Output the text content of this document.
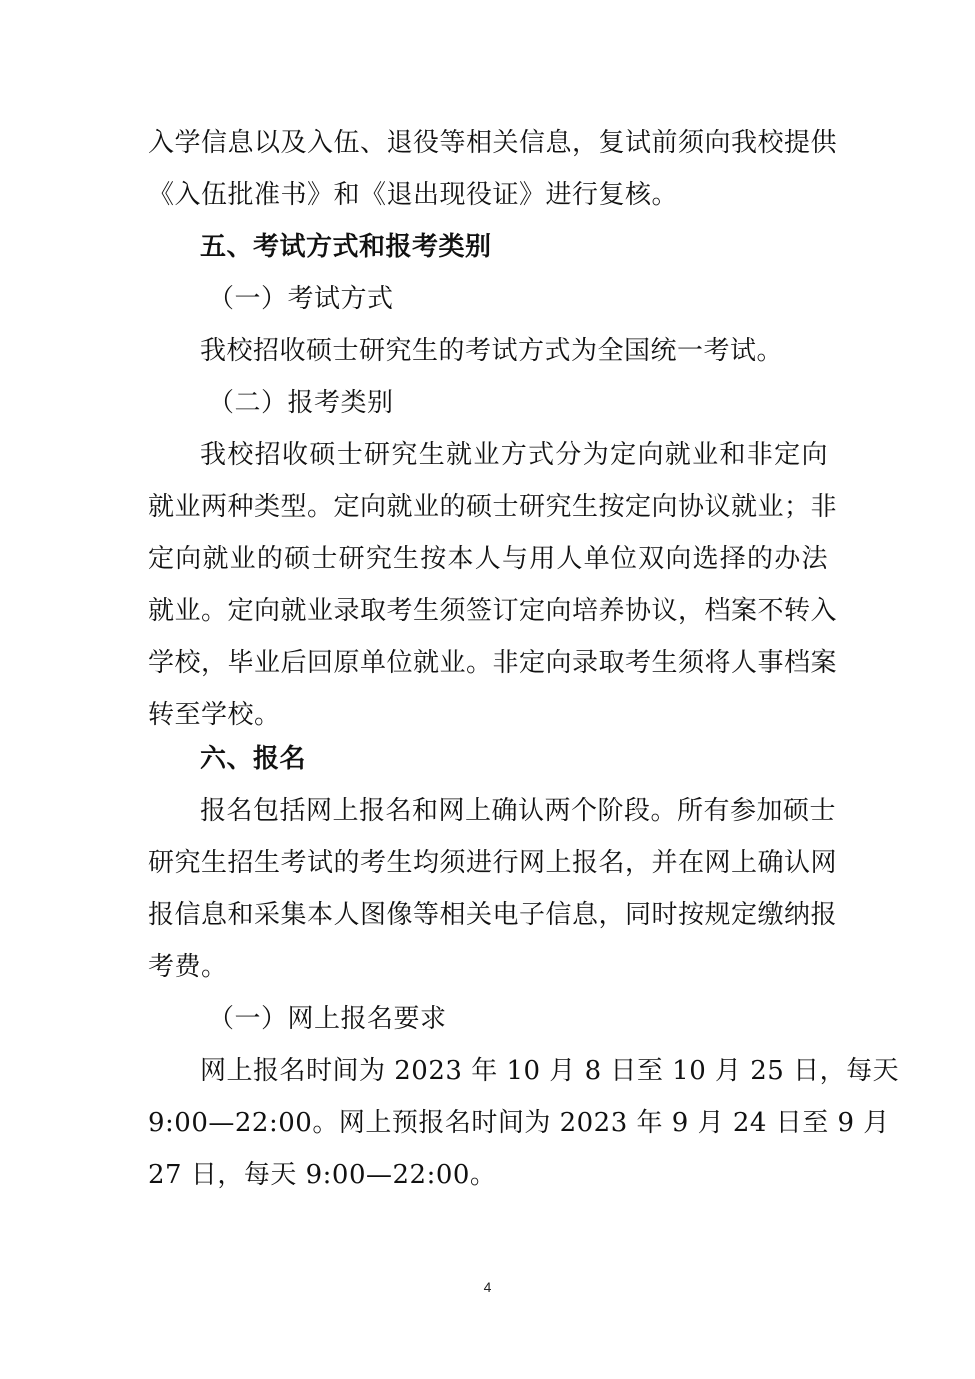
入学信息以及入伍、退役等相关信息，复试前须向我校提供
《入伍批准书》和《退出现役证》进行复核。
五、考试方式和报考类别
（一）考试方式
我校招收硕士研究生的考试方式为全国统一考试。
（二）报考类别
我校招收硕士研究生就业方式分为定向就业和非定向
就业两种类型。定向就业的硕士研究生按定向协议就业；非
定向就业的硕士研究生按本人与用人单位双向选择的办法
就业。定向就业录取考生须签订定向培养协议，档案不转入
学校，毕业后回原单位就业。非定向录取考生须将人事档案
转至学校。
六、报名
报名包括网上报名和网上确认两个阶段。所有参加硕士
研究生招生考试的考生均须进行网上报名，并在网上确认网
报信息和采集本人图像等相关电子信息，同时按规定缴纳报
考费。
（一）网上报名要求
网上报名时间为 2023 年 10 月 8 日至 10 月 25 日，每天
9:00—22:00。网上预报名时间为 2023 年 9 月 24 日至 9 月
27 日，每天 9:00—22:00。
4
